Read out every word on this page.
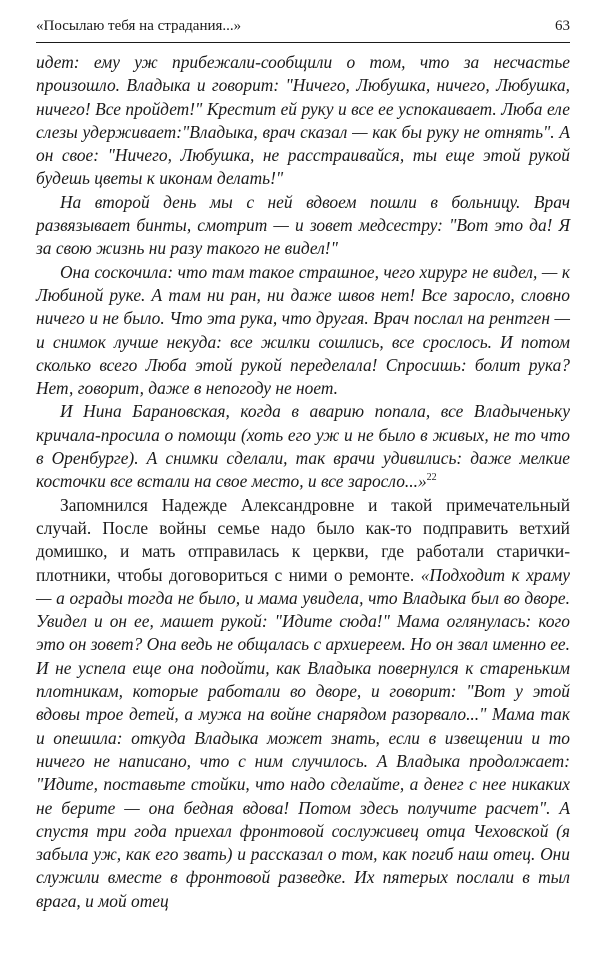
«Посылаю тебя на страдания...»	63

идет: ему уж прибежали-сообщили о том, что за несчастье произошло. Владыка и говорит: "Ничего, Любушка, ничего, Любушка, ничего! Все пройдет!" Крестит ей руку и все ее успокаивает. Люба еле слезы удерживает:"Владыка, врач сказал — как бы руку не отнять". А он свое: "Ничего, Любушка, не расстраивайся, ты еще этой рукой будешь цветы к иконам делать!"

На второй день мы с ней вдвоем пошли в больницу. Врач развязывает бинты, смотрит — и зовет медсестру: "Вот это да! Я за свою жизнь ни разу такого не видел!"

Она соскочила: что там такое страшное, чего хирург не видел, — к Любиной руке. А там ни ран, ни даже швов нет! Все заросло, словно ничего и не было. Что эта рука, что другая. Врач послал на рентген — и снимок лучше некуда: все жилки сошлись, все срослось. И потом сколько всего Люба этой рукой переделала! Спросишь: болит рука? Нет, говорит, даже в непогоду не ноет.

И Нина Барановская, когда в аварию попала, все Владыченьку кричала-просила о помощи (хоть его уж и не было в живых, не то что в Оренбурге). А снимки сделали, так врачи удивились: даже мелкие косточки все встали на свое место, и все заросло...»$^{22}$

Запомнился Надежде Александровне и такой примечательный случай. После войны семье надо было как-то подправить ветхий домишко, и мать отправилась к церкви, где работали старички-плотники, чтобы договориться с ними о ремонте. «Подходит к храму — а ограды тогда не было, и мама увидела, что Владыка был во дворе. Увидел и он ее, машет рукой: "Идите сюда!" Мама оглянулась: кого это он зовет? Она ведь не общалась с архиереем. Но он звал именно ее. И не успела еще она подойти, как Владыка повернулся к стареньким плотникам, которые работали во дворе, и говорит: "Вот у этой вдовы трое детей, а мужа на войне снарядом разорвало..." Мама так и опешила: откуда Владыка может знать, если в извещении и то ничего не написано, что с ним случилось. А Владыка продолжает: "Идите, поставьте стойки, что надо сделайте, а денег с нее никаких не берите — она бедная вдова! Потом здесь получите расчет". А спустя три года приехал фронтовой сослуживец отца Чеховской (я забыла уж, как его звать) и рассказал о том, как погиб наш отец. Они служили вместе в фронтовой разведке. Их пятерых послали в тыл врага, и мой отец
